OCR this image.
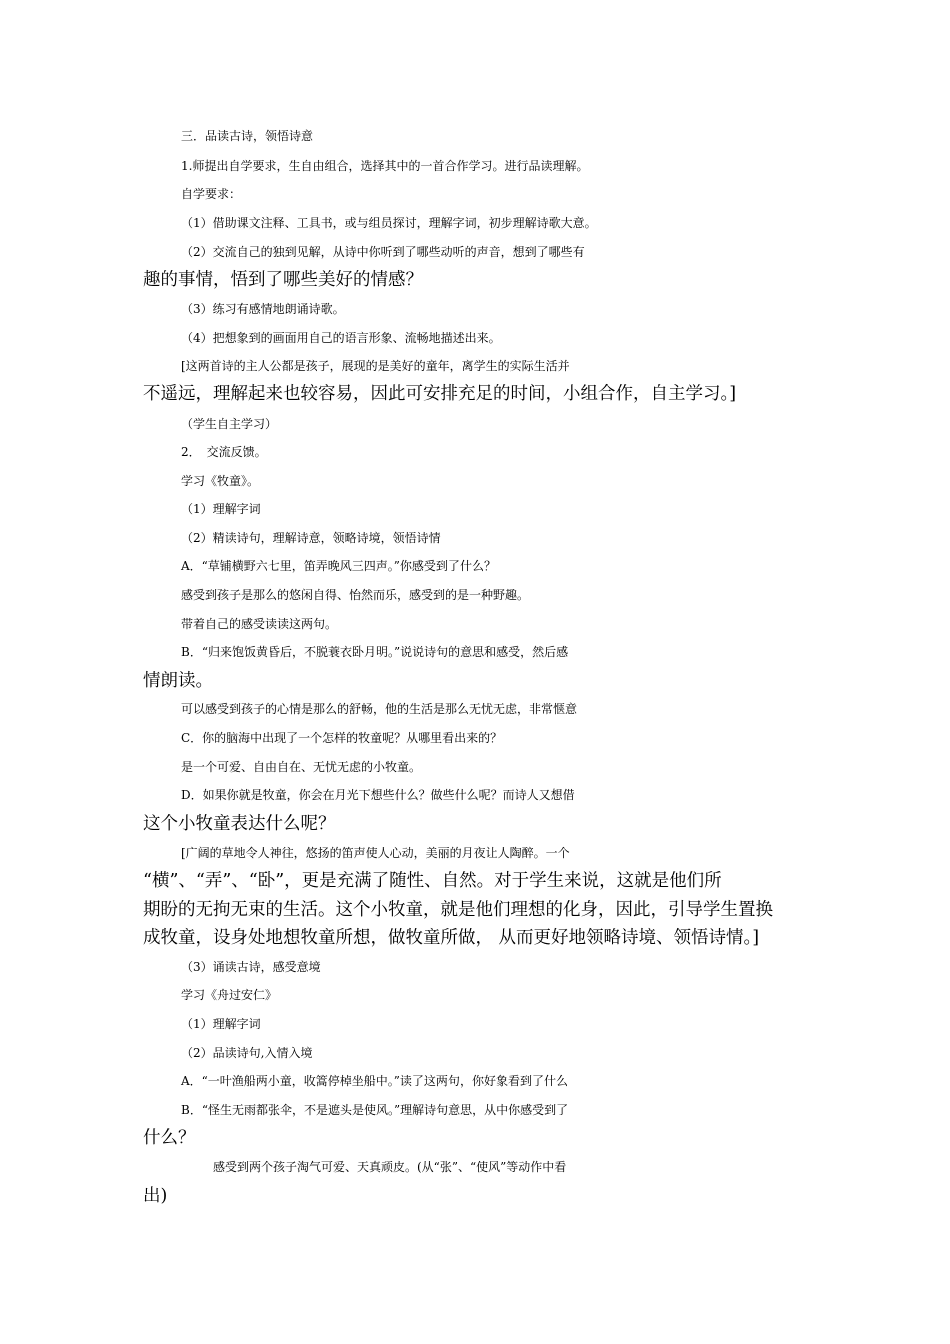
三．品读古诗，领悟诗意
1.师提出自学要求，生自由组合，选择其中的一首合作学习。进行品读理解。
自学要求：
（1）借助课文注释、工具书，或与组员探讨，理解字词，初步理解诗歌大意。
（2）交流自己的独到见解，从诗中你听到了哪些动听的声音，想到了哪些有
趣的事情，悟到了哪些美好的情感？
（3）练习有感情地朗诵诗歌。
（4）把想象到的画面用自己的语言形象、流畅地描述出来。
[这两首诗的主人公都是孩子，展现的是美好的童年，离学生的实际生活并
不遥远，理解起来也较容易，因此可安排充足的时间，小组合作，自主学习。]
（学生自主学习）
2．　交流反馈。
学习《牧童》。
（1）理解字词
（2）精读诗句，理解诗意，领略诗境，领悟诗情
A．“草铺横野六七里，笛弄晚风三四声。”你感受到了什么？
感受到孩子是那么的悠闲自得、怡然而乐，感受到的是一种野趣。
带着自己的感受读读这两句。
B．“归来饱饭黄昏后，不脱蓑衣卧月明。”说说诗句的意思和感受，然后感
情朗读。
可以感受到孩子的心情是那么的舒畅，他的生活是那么无忧无虑，非常惬意
C．你的脑海中出现了一个怎样的牧童呢？从哪里看出来的？
是一个可爱、自由自在、无忧无虑的小牧童。
D．如果你就是牧童，你会在月光下想些什么？做些什么呢？而诗人又想借
这个小牧童表达什么呢？
[广阔的草地令人神往，悠扬的笛声使人心动，美丽的月夜让人陶醉。一个
“横”、“弄”、“卧”，更是充满了随性、自然。对于学生来说，这就是他们所
期盼的无拘无束的生活。这个小牧童，就是他们理想的化身，因此，引导学生置换
成牧童，设身处地想牧童所想，做牧童所做， 从而更好地领略诗境、领悟诗情。]
（3）诵读古诗，感受意境
学习《舟过安仁》
（1）理解字词
（2）品读诗句,入情入境
A．“一叶渔船两小童，收篙停棹坐船中。”读了这两句，你好象看到了什么
B．“怪生无雨都张伞，不是遮头是使风。”理解诗句意思，从中你感受到了
什么？
感受到两个孩子淘气可爱、天真顽皮。(从“张”、“使风”等动作中看
出)
